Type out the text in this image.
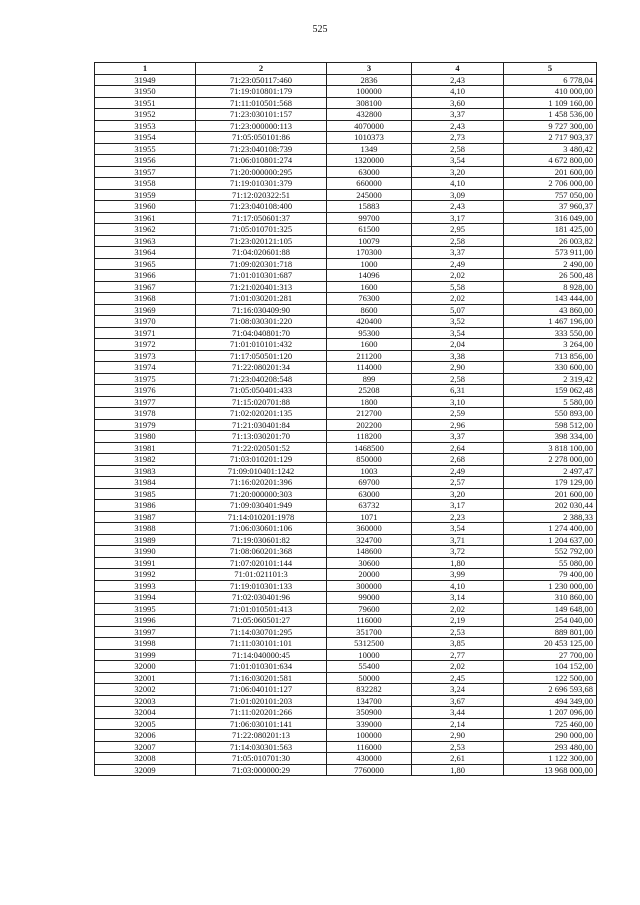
525
1	2	3	4	5
31949	71:23:050117:460	2836	2,43	6 778,04
31950	71:19:010801:179	100000	4,10	410 000,00
31951	71:11:010501:568	308100	3,60	1 109 160,00
31952	71:23:030101:157	432800	3,37	1 458 536,00
31953	71:23:000000:113	4070000	2,43	9 727 300,00
31954	71:05:050101:86	1010373	2,73	2 717 903,37
31955	71:23:040108:739	1349	2,58	3 480,42
31956	71:06:010801:274	1320000	3,54	4 672 800,00
31957	71:20:000000:295	63000	3,20	201 600,00
31958	71:19:010301:379	660000	4,10	2 706 000,00
31959	71:12:020322:51	245000	3,09	757 050,00
31960	71:23:040108:400	15883	2,43	37 960,37
31961	71:17:050601:37	99700	3,17	316 049,00
31962	71:05:010701:325	61500	2,95	181 425,00
31963	71:23:020121:105	10079	2,58	26 003,82
31964	71:04:020601:88	170300	3,37	573 911,00
31965	71:09:020301:718	1000	2,49	2 490,00
31966	71:01:010301:687	14096	2,02	26 500,48
31967	71:21:020401:313	1600	5,58	8 928,00
31968	71:01:030201:281	76300	2,02	143 444,00
31969	71:16:030409:90	8600	5,07	43 860,00
31970	71:08:030301:220	420400	3,52	1 467 196,00
31971	71:04:040801:70	95300	3,54	333 550,00
31972	71:01:010101:432	1600	2,04	3 264,00
31973	71:17:050501:120	211200	3,38	713 856,00
31974	71:22:080201:34	114000	2,90	330 600,00
31975	71:23:040208:548	899	2,58	2 319,42
31976	71:05:050401:433	25208	6,31	159 062,48
31977	71:15:020701:88	1800	3,10	5 580,00
31978	71:02:020201:135	212700	2,59	550 893,00
31979	71:21:030401:84	202200	2,96	598 512,00
31980	71:13:030201:70	118200	3,37	398 334,00
31981	71:22:020501:52	1468500	2,64	3 818 100,00
31982	71:03:010201:129	850000	2,68	2 278 000,00
31983	71:09:010401:1242	1003	2,49	2 497,47
31984	71:16:020201:396	69700	2,57	179 129,00
31985	71:20:000000:303	63000	3,20	201 600,00
31986	71:09:030401:949	63732	3,17	202 030,44
31987	71:14:010201:1978	1071	2,23	2 388,33
31988	71:06:030601:106	360000	3,54	1 274 400,00
31989	71:19:030601:82	324700	3,71	1 204 637,00
31990	71:08:060201:368	148600	3,72	552 792,00
31991	71:07:020101:144	30600	1,80	55 080,00
31992	71:01:021101:3	20000	3,99	79 400,00
31993	71:19:010301:133	300000	4,10	1 230 000,00
31994	71:02:030401:96	99000	3,14	310 860,00
31995	71:01:010501:413	79600	2,02	149 648,00
31996	71:05:060501:27	116000	2,19	254 040,00
31997	71:14:030701:295	351700	2,53	889 801,00
31998	71:11:030101:101	5312500	3,85	20 453 125,00
31999	71:14:040000:45	10000	2,77	27 700,00
32000	71:01:010301:634	55400	2,02	104 152,00
32001	71:16:030201:581	50000	2,45	122 500,00
32002	71:06:040101:127	832282	3,24	2 696 593,68
32003	71:01:020101:203	134700	3,67	494 349,00
32004	71:11:020201:266	350900	3,44	1 207 096,00
32005	71:06:030101:141	339000	2,14	725 460,00
32006	71:22:080201:13	100000	2,90	290 000,00
32007	71:14:030301:563	116000	2,53	293 480,00
32008	71:05:010701:30	430000	2,61	1 122 300,00
32009	71:03:000000:29	7760000	1,80	13 968 000,00
